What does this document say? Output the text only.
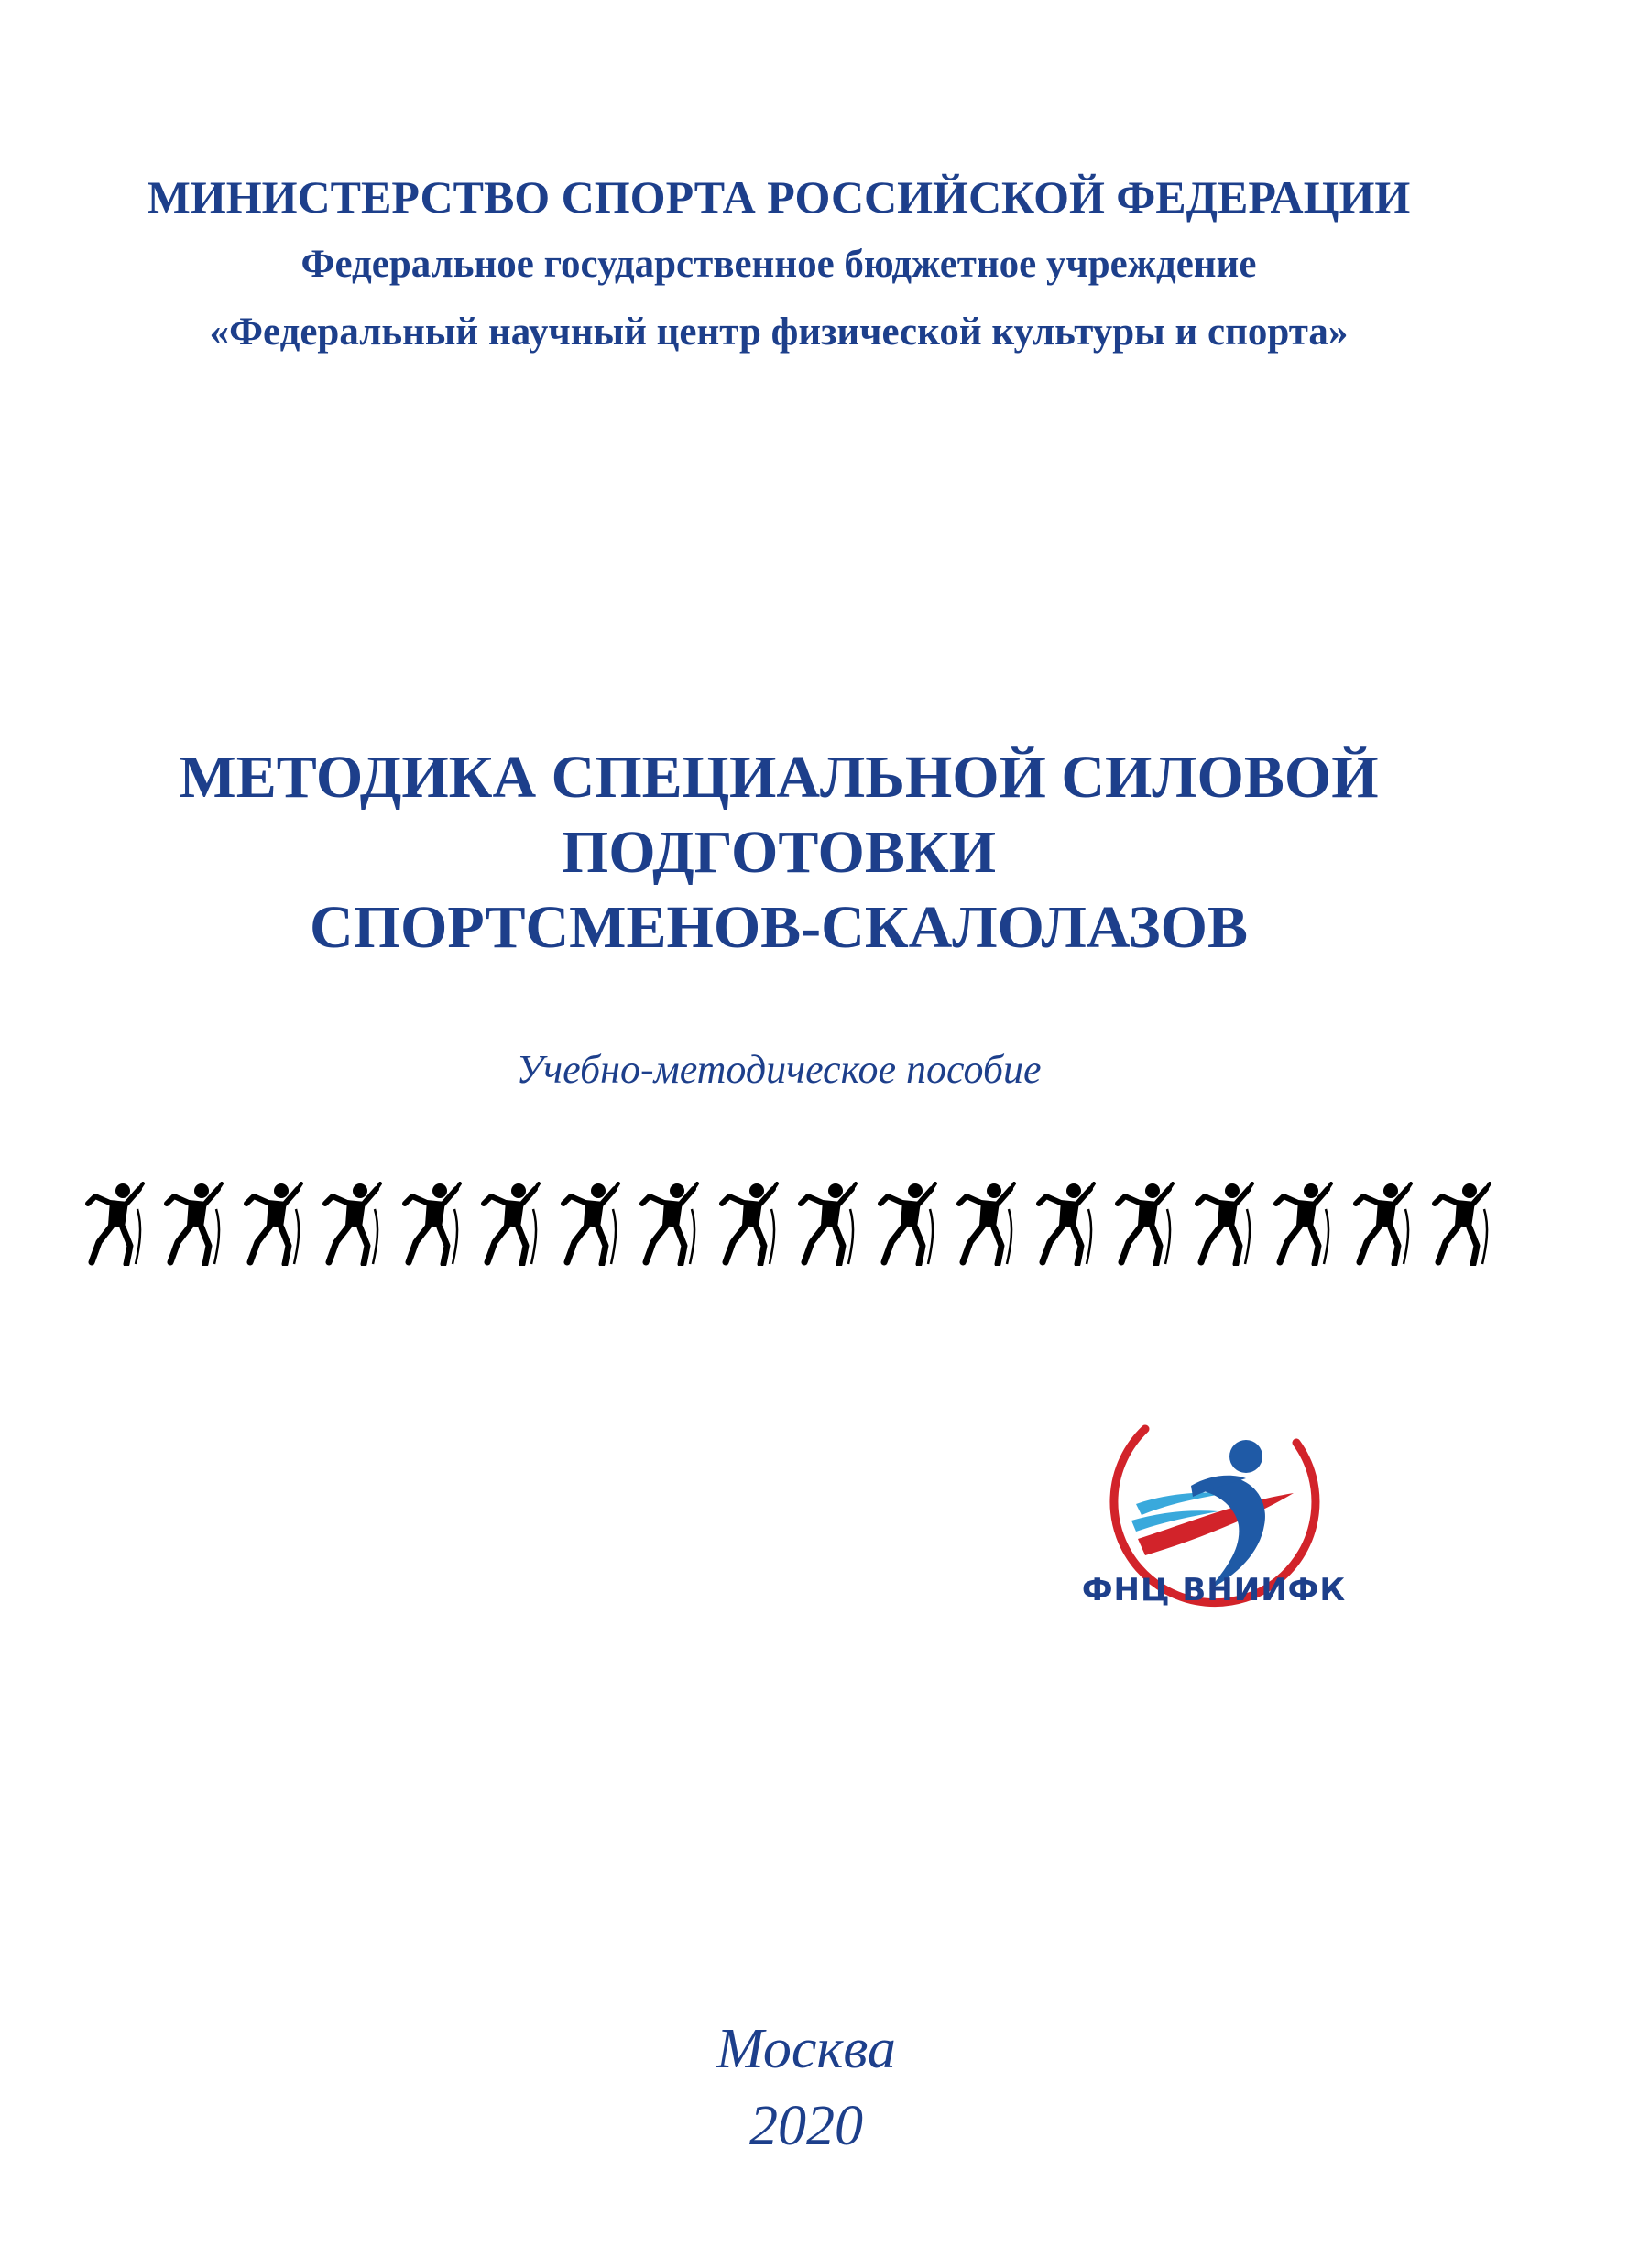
МИНИСТЕРСТВО СПОРТА РОССИЙСКОЙ ФЕДЕРАЦИИ
Федеральное государственное бюджетное учреждение
«Федеральный научный центр физической культуры и спорта»
МЕТОДИКА СПЕЦИАЛЬНОЙ СИЛОВОЙ
ПОДГОТОВКИ
СПОРТСМЕНОВ-СКАЛОЛАЗОВ
Учебно-методическое пособие
ФНЦ ВНИИФК
Москва
2020
